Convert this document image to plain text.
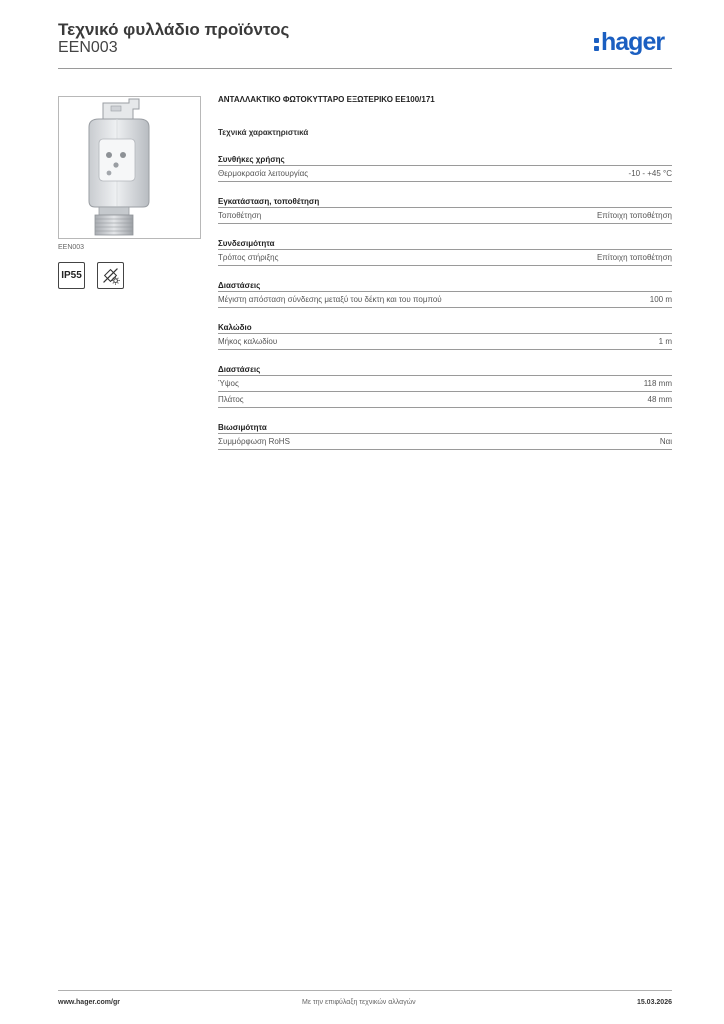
Τεχνικό φυλλάδιο προϊόντος
EEN003	hager
EEN003
IP55
ΑΝΤΑΛΛΑΚΤΙΚΟ ΦΩΤΟΚΥΤΤΑΡΟ ΕΞΩΤΕΡΙΚΟ EE100/171
Τεχνικά χαρακτηριστικά
Συνθήκες χρήσης
Θερμοκρασία λειτουργίας	-10 - +45 °C
Εγκατάσταση, τοποθέτηση
Τοποθέτηση	Επίτοιχη τοποθέτηση
Συνδεσιμότητα
Τρόπος στήριξης	Επίτοιχη τοποθέτηση
Διαστάσεις
Μέγιστη απόσταση σύνδεσης μεταξύ του δέκτη και του πομπού	100 m
Καλώδιο
Μήκος καλωδίου	1 m
Διαστάσεις
Ύψος	118 mm
Πλάτος	48 mm
Βιωσιμότητα
Συμμόρφωση RoHS	Ναι
www.hager.com/gr	Με την επιφύλαξη τεχνικών αλλαγών	15.03.2026
